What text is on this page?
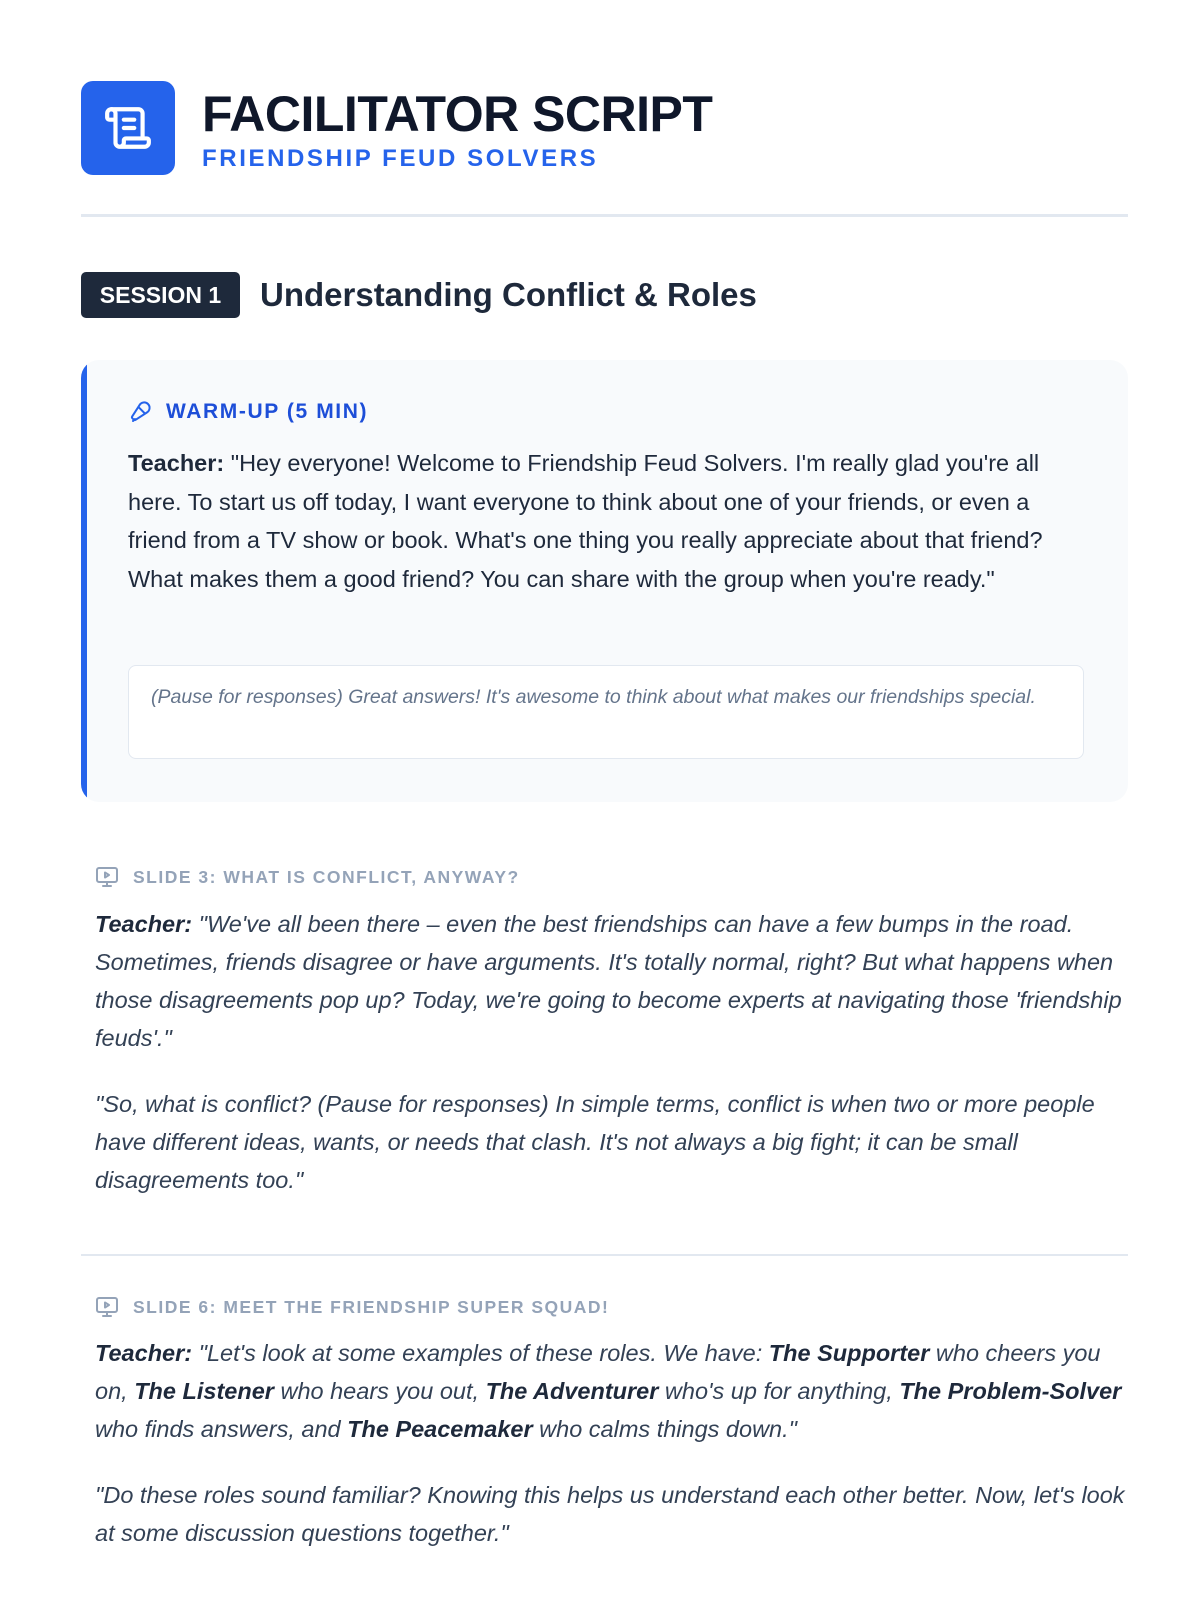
FACILITATOR SCRIPT
FRIENDSHIP FEUD SOLVERS
SESSION 1	Understanding Conflict & Roles
WARM-UP (5 MIN)

Teacher: "Hey everyone! Welcome to Friendship Feud Solvers. I'm really glad you're all here. To start us off today, I want everyone to think about one of your friends, or even a friend from a TV show or book. What's one thing you really appreciate about that friend? What makes them a good friend? You can share with the group when you're ready."

(Pause for responses) Great answers! It's awesome to think about what makes our friendships special.
SLIDE 3: WHAT IS CONFLICT, ANYWAY?

Teacher: "We've all been there – even the best friendships can have a few bumps in the road. Sometimes, friends disagree or have arguments. It's totally normal, right? But what happens when those disagreements pop up? Today, we're going to become experts at navigating those 'friendship feuds'."

"So, what is conflict? (Pause for responses) In simple terms, conflict is when two or more people have different ideas, wants, or needs that clash. It's not always a big fight; it can be small disagreements too."

SLIDE 6: MEET THE FRIENDSHIP SUPER SQUAD!

Teacher: "Let's look at some examples of these roles. We have: The Supporter who cheers you on, The Listener who hears you out, The Adventurer who's up for anything, The Problem-Solver who finds answers, and The Peacemaker who calms things down."

"Do these roles sound familiar? Knowing this helps us understand each other better. Now, let's look at some discussion questions together."
